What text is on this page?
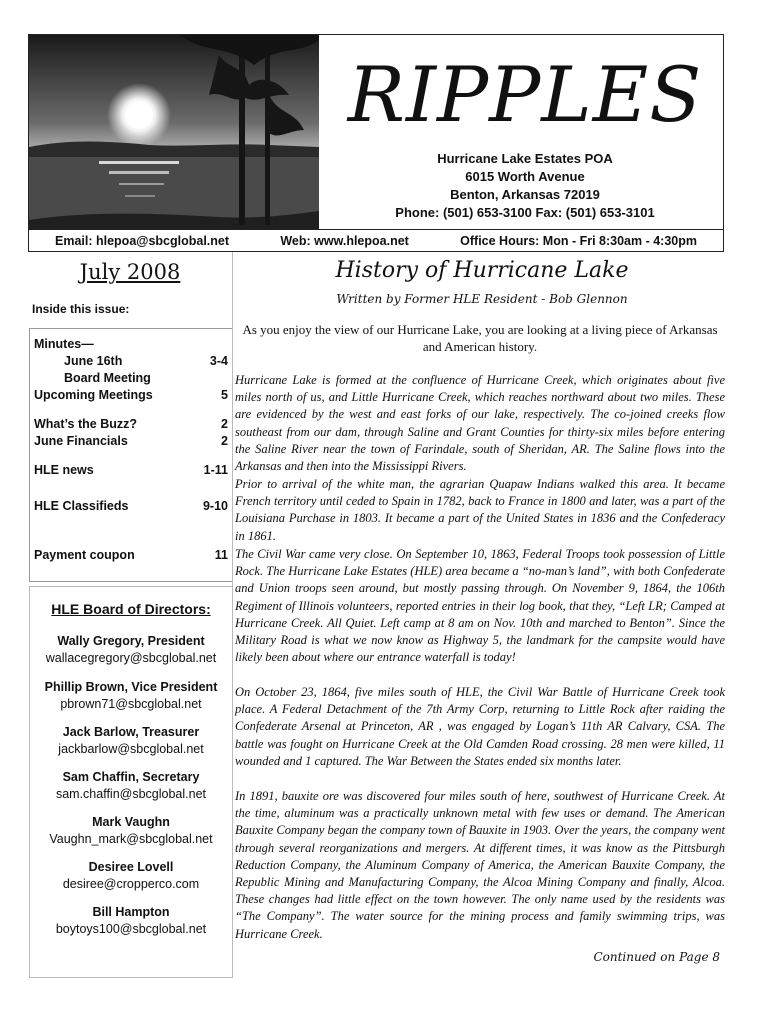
RIPPLES
Hurricane Lake Estates POA
6015 Worth Avenue
Benton, Arkansas 72019
Phone: (501) 653-3100 Fax: (501) 653-3101
Email: hlepoa@sbcglobal.net	Web: www.hlepoa.net	Office Hours: Mon - Fri 8:30am - 4:30pm
July 2008
Inside this issue:
Minutes—
June 16th	3-4
Board Meeting
Upcoming Meetings	5
What’s the Buzz?	2
June Financials	2
HLE news	1-11
HLE Classifieds	9-10
Payment coupon	11
HLE Board of Directors:
Wally Gregory, President
wallacegregory@sbcglobal.net
Phillip Brown, Vice President
pbrown71@sbcglobal.net
Jack Barlow, Treasurer
jackbarlow@sbcglobal.net
Sam Chaffin, Secretary
sam.chaffin@sbcglobal.net
Mark Vaughn
Vaughn_mark@sbcglobal.net
Desiree Lovell
desiree@cropperco.com
Bill Hampton
boytoys100@sbcglobal.net
History of Hurricane Lake
Written by Former HLE Resident - Bob Glennon
As you enjoy the view of our Hurricane Lake, you are looking at a living piece of Arkansas and American history.
Hurricane Lake is formed at the confluence of Hurricane Creek, which originates about five miles north of us, and Little Hurricane Creek, which reaches northward about two miles. These are evidenced by the west and east forks of our lake, respectively. The co-joined creeks flow southeast from our dam, through Saline and Grant Counties for thirty-six miles before entering the Saline River near the town of Farindale, south of Sheridan, AR. The Saline flows into the Arkansas and then into the Mississippi Rivers.
Prior to arrival of the white man, the agrarian Quapaw Indians walked this area. It became French territory until ceded to Spain in 1782, back to France in 1800 and later, was a part of the Louisiana Purchase in 1803. It became a part of the United States in 1836 and the Confederacy in 1861.
The Civil War came very close. On September 10, 1863, Federal Troops took possession of Little Rock. The Hurricane Lake Estates (HLE) area became a “no-man’s land”, with both Confederate and Union troops seen around, but mostly passing through. On November 9, 1864, the 106th Regiment of Illinois volunteers, reported entries in their log book, that they, “Left LR; Camped at Hurricane Creek. All Quiet. Left camp at 8 am on Nov. 10th and marched to Benton”. Since the Military Road is what we now know as Highway 5, the landmark for the campsite would have likely been about where our entrance waterfall is today!
On October 23, 1864, five miles south of HLE, the Civil War Battle of Hurricane Creek took place. A Federal Detachment of the 7th Army Corp, returning to Little Rock after raiding the Confederate Arsenal at Princeton, AR , was engaged by Logan’s 11th AR Calvary, CSA. The battle was fought on Hurricane Creek at the Old Camden Road crossing. 28 men were killed, 11 wounded and 1 captured. The War Between the States ended six months later.
In 1891, bauxite ore was discovered four miles south of here, southwest of Hurricane Creek. At the time, aluminum was a practically unknown metal with few uses or demand. The American Bauxite Company began the company town of Bauxite in 1903. Over the years, the company went through several reorganizations and mergers. At different times, it was know as the Pittsburgh Reduction Company, the Aluminum Company of America, the American Bauxite Company, the Republic Mining and Manufacturing Company, the Alcoa Mining Company and finally, Alcoa. These changes had little effect on the town however. The only name used by the residents was “The Company”. The water source for the mining process and family swimming trips, was Hurricane Creek.
Continued on Page 8
